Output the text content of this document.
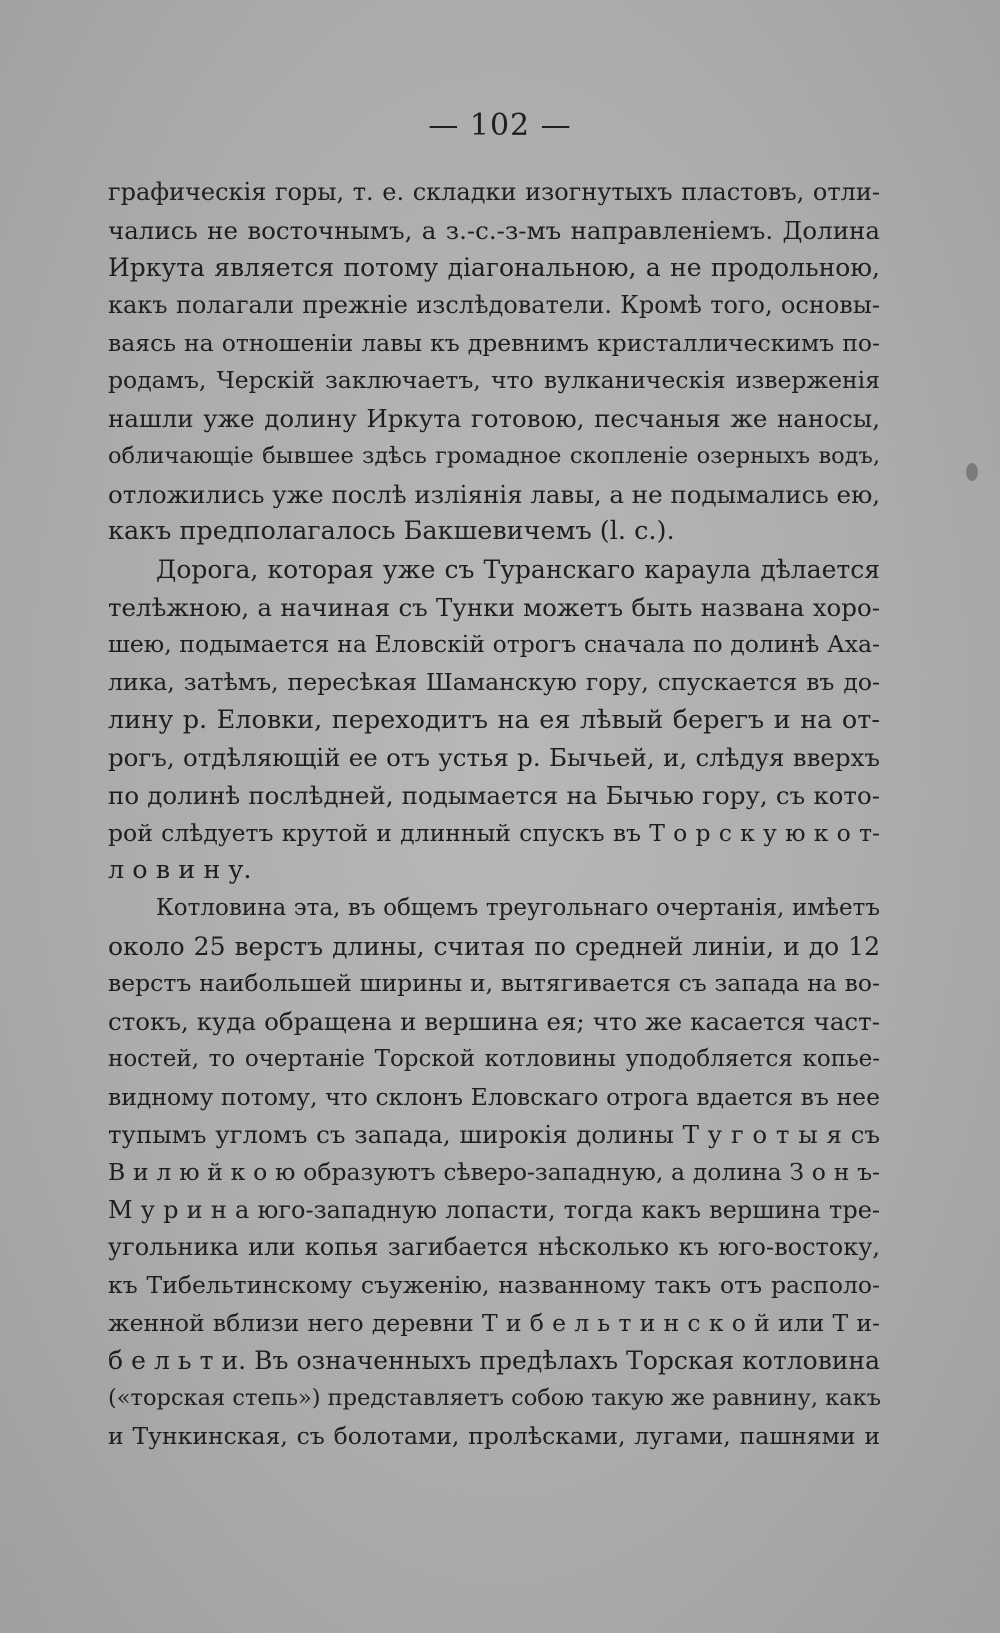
— 102 —
графическія горы, т. е. складки изогнутыхъ пластовъ, отли-
чались не восточнымъ, а з.-с.-з-мъ направленіемъ. Долина
Иркута является потому діагональною, а не продольною,
какъ полагали прежніе изслѣдователи. Кромѣ того, основы-
ваясь на отношеніи лавы къ древнимъ кристаллическимъ по-
родамъ, Черскій заключаетъ, что вулканическія изверженія
нашли уже долину Иркута готовою, песчаныя же наносы,
обличающіе бывшее здѣсь громадное скопленіе озерныхъ водъ,
отложились уже послѣ изліянія лавы, а не подымались ею,
какъ предполагалось Бакшевичемъ (l. c.).
Дорога, которая уже съ Туранскаго караула дѣлается
телѣжною, а начиная съ Тунки можетъ быть названа хоро-
шею, подымается на Еловскій отрогъ сначала по долинѣ Аха-
лика, затѣмъ, пересѣкая Шаманскую гору, спускается въ до-
лину р. Еловки, переходитъ на ея лѣвый берегъ и на от-
рогъ, отдѣляющій ее отъ устья р. Бычьей, и, слѣдуя вверхъ
по долинѣ послѣдней, подымается на Бычью гору, съ кото-
рой слѣдуетъ крутой и длинный спускъ въ Т о р с к у ю к о т-
л о в и н у.
Котловина эта, въ общемъ треугольнаго очертанія, имѣетъ
около 25 верстъ длины, считая по средней линіи, и до 12
верстъ наибольшей ширины и, вытягивается съ запада на во-
стокъ, куда обращена и вершина ея; что же касается част-
ностей, то очертаніе Торской котловины уподобляется копье-
видному потому, что склонъ Еловскаго отрога вдается въ нее
тупымъ угломъ съ запада, широкія долины Т у г о т ы я съ
В и л ю й к о ю образуютъ сѣверо-западную, а долина З о н ъ-
М у р и н а юго-западную лопасти, тогда какъ вершина тре-
угольника или копья загибается нѣсколько къ юго-востоку,
къ Тибельтинскому съуженію, названному такъ отъ располо-
женной вблизи него деревни Т и б е л ь т и н с к о й или Т и-
б е л ь т и. Въ означенныхъ предѣлахъ Торская котловина
(«торская степь») представляетъ собою такую же равнину, какъ
и Тункинская, съ болотами, пролѣсками, лугами, пашнями и
